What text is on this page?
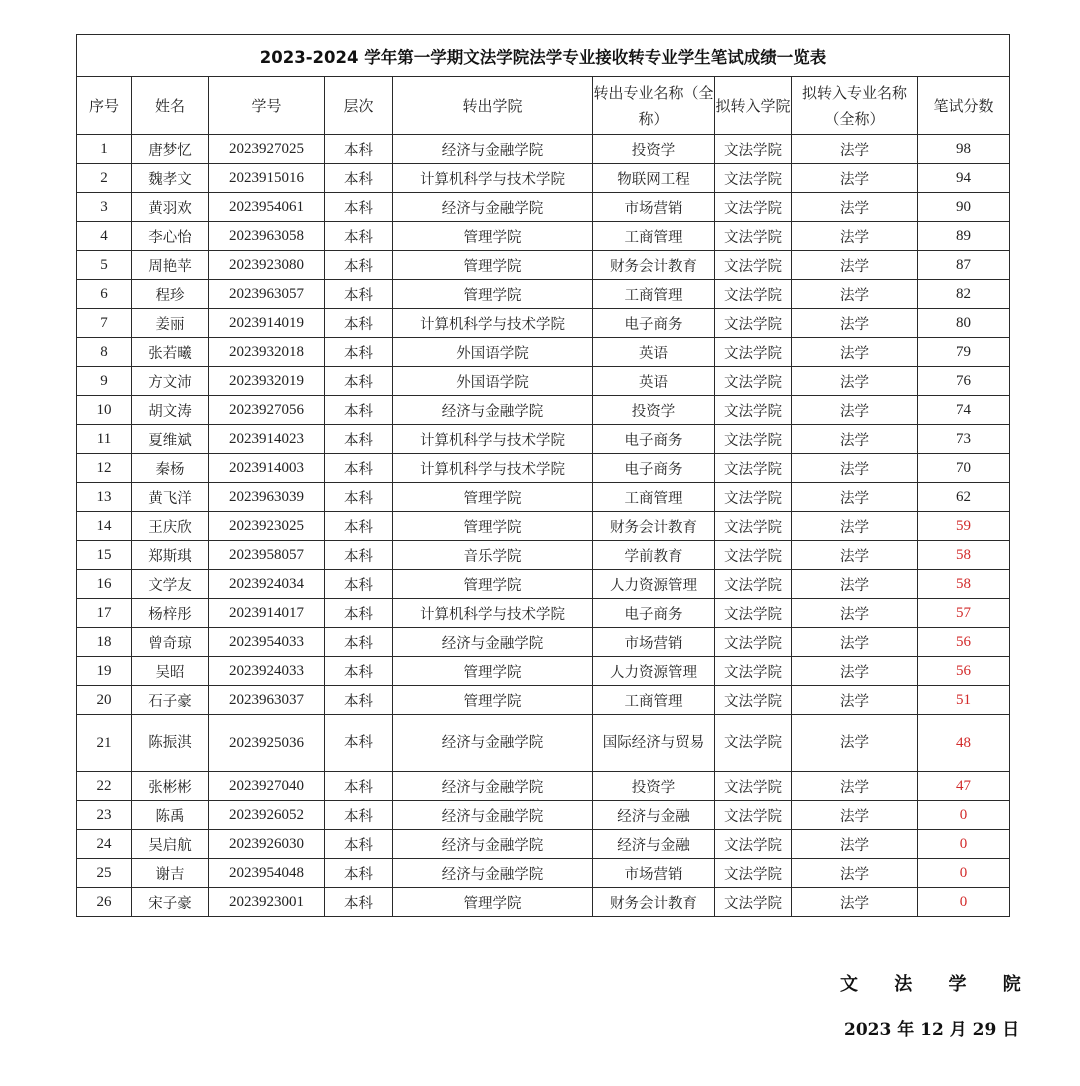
2023-2024 学年第一学期文法学院法学专业接收转专业学生笔试成绩一览表								
序号	姓名	学号	层次	转出学院	转出专业名称（全称）	拟转入学院	拟转入专业名称（全称）	笔试分数
1	唐梦忆	2023927025	本科	经济与金融学院	投资学	文法学院	法学	98
2	魏孝文	2023915016	本科	计算机科学与技术学院	物联网工程	文法学院	法学	94
3	黄羽欢	2023954061	本科	经济与金融学院	市场营销	文法学院	法学	90
4	李心怡	2023963058	本科	管理学院	工商管理	文法学院	法学	89
5	周艳苹	2023923080	本科	管理学院	财务会计教育	文法学院	法学	87
6	程珍	2023963057	本科	管理学院	工商管理	文法学院	法学	82
7	姜丽	2023914019	本科	计算机科学与技术学院	电子商务	文法学院	法学	80
8	张若曦	2023932018	本科	外国语学院	英语	文法学院	法学	79
9	方文沛	2023932019	本科	外国语学院	英语	文法学院	法学	76
10	胡文涛	2023927056	本科	经济与金融学院	投资学	文法学院	法学	74
11	夏维斌	2023914023	本科	计算机科学与技术学院	电子商务	文法学院	法学	73
12	秦杨	2023914003	本科	计算机科学与技术学院	电子商务	文法学院	法学	70
13	黄飞洋	2023963039	本科	管理学院	工商管理	文法学院	法学	62
14	王庆欣	2023923025	本科	管理学院	财务会计教育	文法学院	法学	59
15	郑斯琪	2023958057	本科	音乐学院	学前教育	文法学院	法学	58
16	文学友	2023924034	本科	管理学院	人力资源管理	文法学院	法学	58
17	杨梓彤	2023914017	本科	计算机科学与技术学院	电子商务	文法学院	法学	57
18	曾奇琼	2023954033	本科	经济与金融学院	市场营销	文法学院	法学	56
19	吴昭	2023924033	本科	管理学院	人力资源管理	文法学院	法学	56
20	石子豪	2023963037	本科	管理学院	工商管理	文法学院	法学	51
21	陈振淇	2023925036	本科	经济与金融学院	国际经济与贸易	文法学院	法学	48
22	张彬彬	2023927040	本科	经济与金融学院	投资学	文法学院	法学	47
23	陈禹	2023926052	本科	经济与金融学院	经济与金融	文法学院	法学	0
24	吴启航	2023926030	本科	经济与金融学院	经济与金融	文法学院	法学	0
25	谢吉	2023954048	本科	经济与金融学院	市场营销	文法学院	法学	0
26	宋子豪	2023923001	本科	管理学院	财务会计教育	文法学院	法学	0
文 法 学 院
2023 年 12 月 29 日
